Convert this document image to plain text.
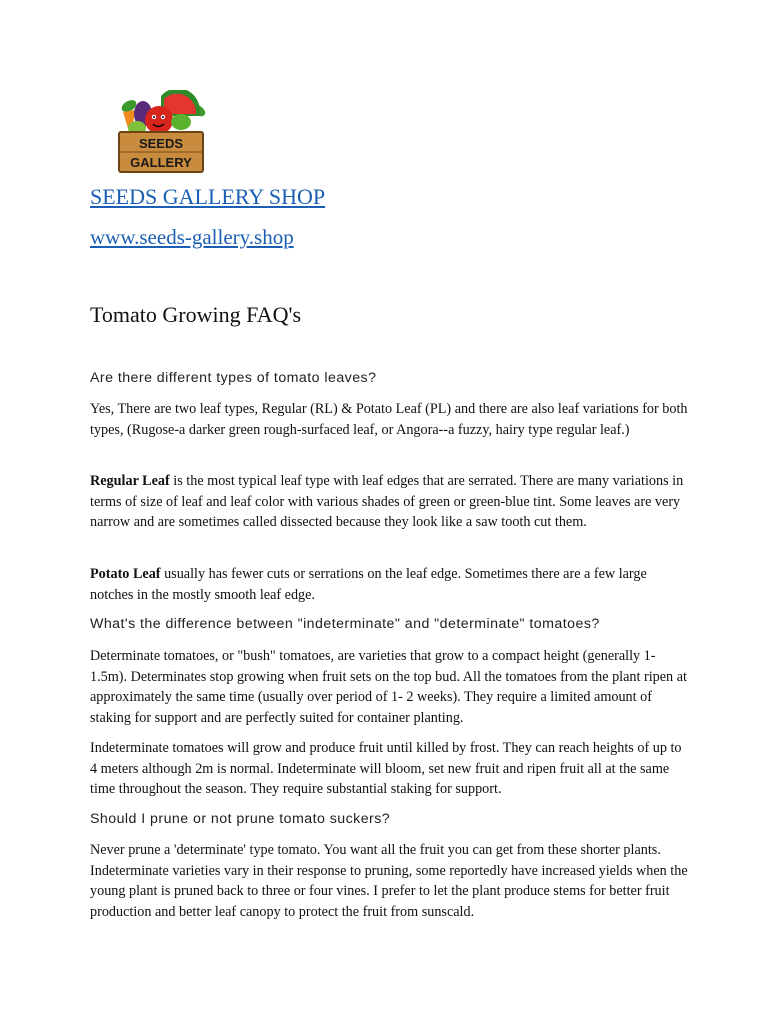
SEEDS
GALLERY
SEEDS GALLERY SHOP
www.seeds-gallery.shop
Tomato Growing FAQ's
Are there different types of tomato leaves?

Yes, There are two leaf types, Regular (RL) & Potato Leaf (PL) and there are also leaf variations for both types, (Rugose-a darker green rough-surfaced leaf, or Angora--a fuzzy, hairy type regular leaf.)

Regular Leaf is the most typical leaf type with leaf edges that are serrated. There are many variations in terms of size of leaf and leaf color with various shades of green or green-blue tint. Some leaves are very narrow and are sometimes called dissected because they look like a saw tooth cut them.

Potato Leaf usually has fewer cuts or serrations on the leaf edge. Sometimes there are a few large notches in the mostly smooth leaf edge.

What's the difference between "indeterminate" and "determinate" tomatoes?

Determinate tomatoes, or "bush" tomatoes, are varieties that grow to a compact height (generally 1-1.5m). Determinates stop growing when fruit sets on the top bud. All the tomatoes from the plant ripen at approximately the same time (usually over period of 1- 2 weeks). They require a limited amount of staking for support and are perfectly suited for container planting.

Indeterminate tomatoes will grow and produce fruit until killed by frost. They can reach heights of up to 4 meters although 2m is normal. Indeterminate will bloom, set new fruit and ripen fruit all at the same time throughout the season. They require substantial staking for support.

Should I prune or not prune tomato suckers?

Never prune a 'determinate' type tomato. You want all the fruit you can get from these shorter plants. Indeterminate varieties vary in their response to pruning, some reportedly have increased yields when the young plant is pruned back to three or four vines. I prefer to let the plant produce stems for better fruit production and better leaf canopy to protect the fruit from sunscald.
